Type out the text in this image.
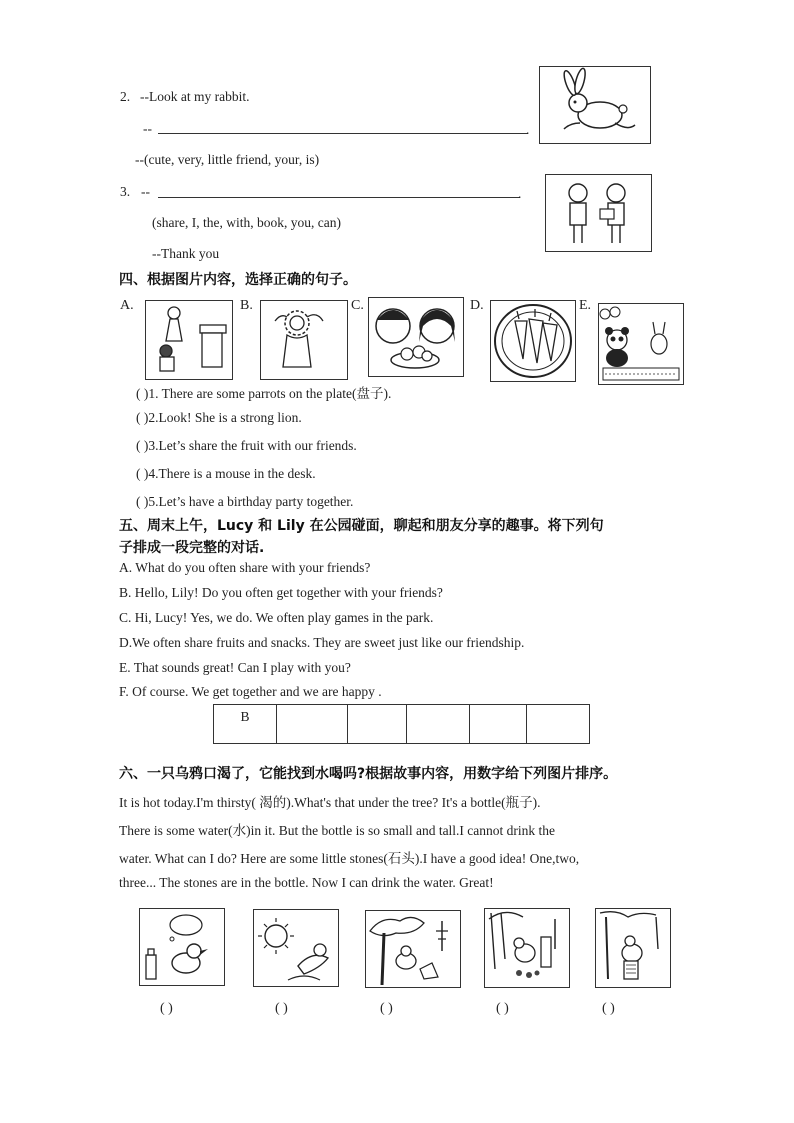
2. --Look at my rabbit.
--	.
--(cute, very, little friend, your, is)
3. --	.
(share, I, the, with, book, you, can)
--Thank you
四、根据图片内容，选择正确的句子。
A.	B.	C.	D.	E.
( )1. There are some parrots on the plate(盘子).
( )2.Look! She is a strong lion.
( )3.Let’s share the fruit with our friends.
( )4.There is a mouse in the desk.
( )5.Let’s have a birthday party together.
五、周末上午，Lucy 和 Lily 在公园碰面，聊起和朋友分享的趣事。将下列句
子排成一段完整的对话.
A. What do you often share with your friends?
B. Hello, Lily! Do you often get together with your friends?
C. Hi, Lucy! Yes, we do. We often play games in the park.
D.We often share fruits and snacks. They are sweet just like our friendship.
E. That sounds great! Can I play with you?
F. Of course. We get together and we are happy .
B					
六、一只乌鸦口渴了，它能找到水喝吗?根据故事内容，用数字给下列图片排序。
It is hot today.I'm thirsty( 渴的).What's that under the tree? It's a bottle(瓶子).
There is some water(水)in it. But the bottle is so small and tall.I cannot drink the
water. What can I do? Here are some little stones(石头).I have a good idea! One,two,
three... The stones are in the bottle. Now I can drink the water. Great!
( )	( )	( )	( )	( )
